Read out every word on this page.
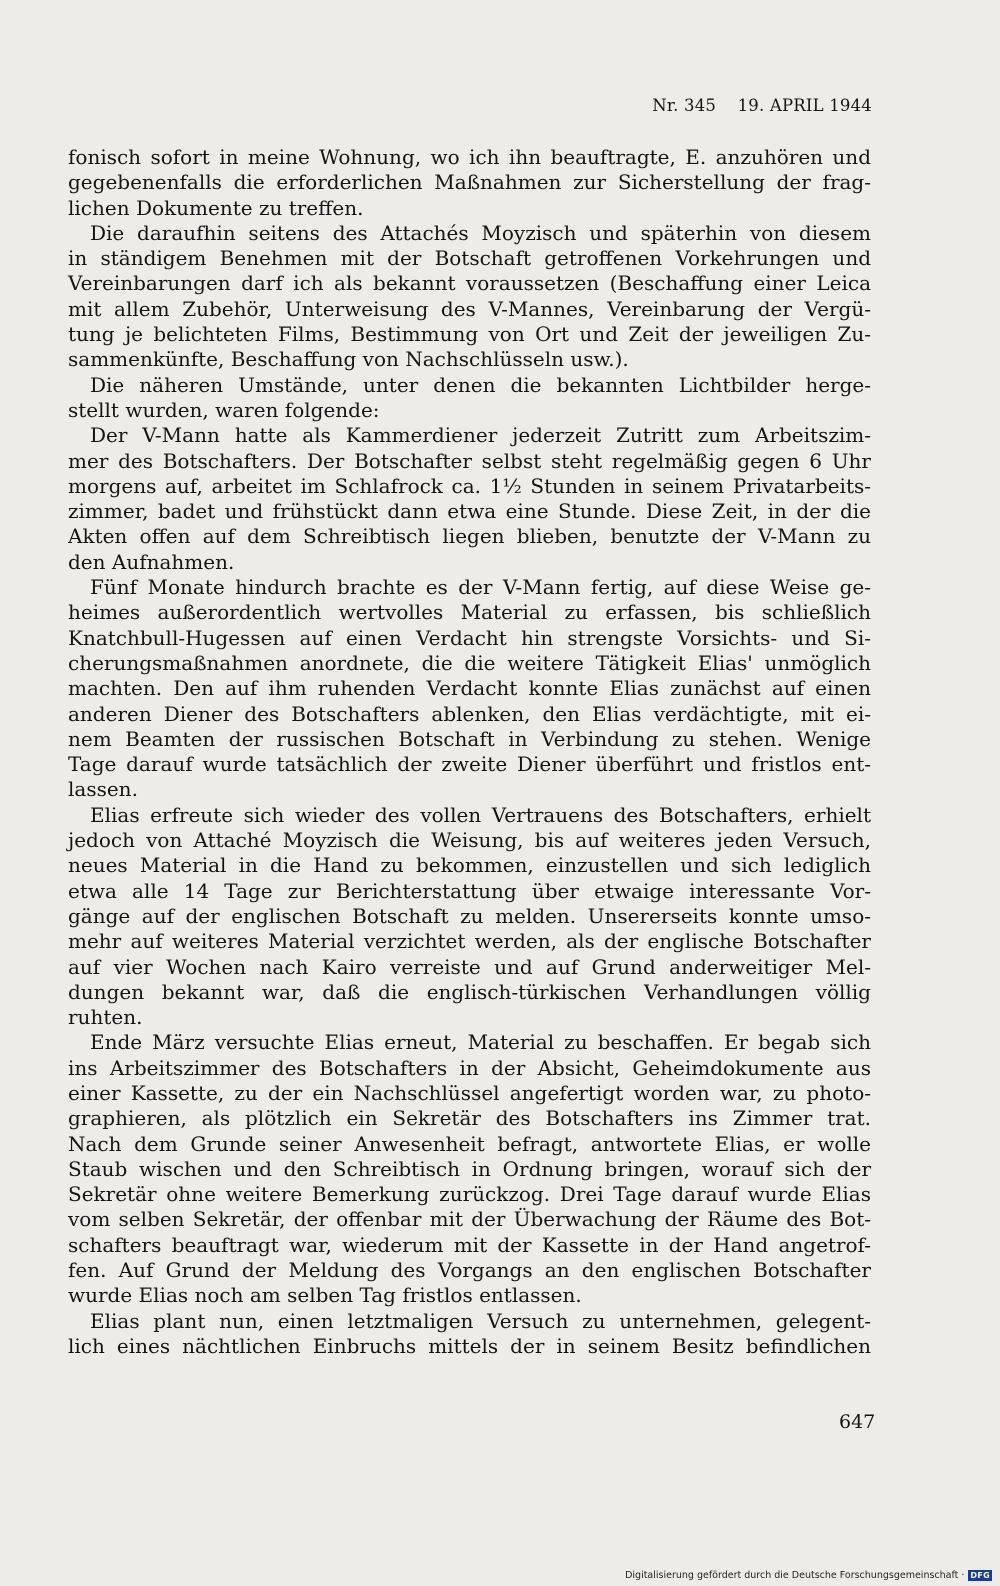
Nr. 345 19. APRIL 1944
fonisch sofort in meine Wohnung, wo ich ihn beauftragte, E. anzuhören und
gegebenenfalls die erforderlichen Maßnahmen zur Sicherstellung der frag-
lichen Dokumente zu treffen.
Die daraufhin seitens des Attachés Moyzisch und späterhin von diesem
in ständigem Benehmen mit der Botschaft getroffenen Vorkehrungen und
Vereinbarungen darf ich als bekannt voraussetzen (Beschaffung einer Leica
mit allem Zubehör, Unterweisung des V-Mannes, Vereinbarung der Vergü-
tung je belichteten Films, Bestimmung von Ort und Zeit der jeweiligen Zu-
sammenkünfte, Beschaffung von Nachschlüsseln usw.).
Die näheren Umstände, unter denen die bekannten Lichtbilder herge-
stellt wurden, waren folgende:
Der V-Mann hatte als Kammerdiener jederzeit Zutritt zum Arbeitszim-
mer des Botschafters. Der Botschafter selbst steht regelmäßig gegen 6 Uhr
morgens auf, arbeitet im Schlafrock ca. 1½ Stunden in seinem Privatarbeits-
zimmer, badet und frühstückt dann etwa eine Stunde. Diese Zeit, in der die
Akten offen auf dem Schreibtisch liegen blieben, benutzte der V-Mann zu
den Aufnahmen.
Fünf Monate hindurch brachte es der V-Mann fertig, auf diese Weise ge-
heimes außerordentlich wertvolles Material zu erfassen, bis schließlich
Knatchbull-Hugessen auf einen Verdacht hin strengste Vorsichts- und Si-
cherungsmaßnahmen anordnete, die die weitere Tätigkeit Elias' unmöglich
machten. Den auf ihm ruhenden Verdacht konnte Elias zunächst auf einen
anderen Diener des Botschafters ablenken, den Elias verdächtigte, mit ei-
nem Beamten der russischen Botschaft in Verbindung zu stehen. Wenige
Tage darauf wurde tatsächlich der zweite Diener überführt und fristlos ent-
lassen.
Elias erfreute sich wieder des vollen Vertrauens des Botschafters, erhielt
jedoch von Attaché Moyzisch die Weisung, bis auf weiteres jeden Versuch,
neues Material in die Hand zu bekommen, einzustellen und sich lediglich
etwa alle 14 Tage zur Berichterstattung über etwaige interessante Vor-
gänge auf der englischen Botschaft zu melden. Unsererseits konnte umso-
mehr auf weiteres Material verzichtet werden, als der englische Botschafter
auf vier Wochen nach Kairo verreiste und auf Grund anderweitiger Mel-
dungen bekannt war, daß die englisch-türkischen Verhandlungen völlig
ruhten.
Ende März versuchte Elias erneut, Material zu beschaffen. Er begab sich
ins Arbeitszimmer des Botschafters in der Absicht, Geheimdokumente aus
einer Kassette, zu der ein Nachschlüssel angefertigt worden war, zu photo-
graphieren, als plötzlich ein Sekretär des Botschafters ins Zimmer trat.
Nach dem Grunde seiner Anwesenheit befragt, antwortete Elias, er wolle
Staub wischen und den Schreibtisch in Ordnung bringen, worauf sich der
Sekretär ohne weitere Bemerkung zurückzog. Drei Tage darauf wurde Elias
vom selben Sekretär, der offenbar mit der Überwachung der Räume des Bot-
schafters beauftragt war, wiederum mit der Kassette in der Hand angetrof-
fen. Auf Grund der Meldung des Vorgangs an den englischen Botschafter
wurde Elias noch am selben Tag fristlos entlassen.
Elias plant nun, einen letztmaligen Versuch zu unternehmen, gelegent-
lich eines nächtlichen Einbruchs mittels der in seinem Besitz befindlichen
647
Digitalisierung gefördert durch die Deutsche Forschungsgemeinschaft · DFG
